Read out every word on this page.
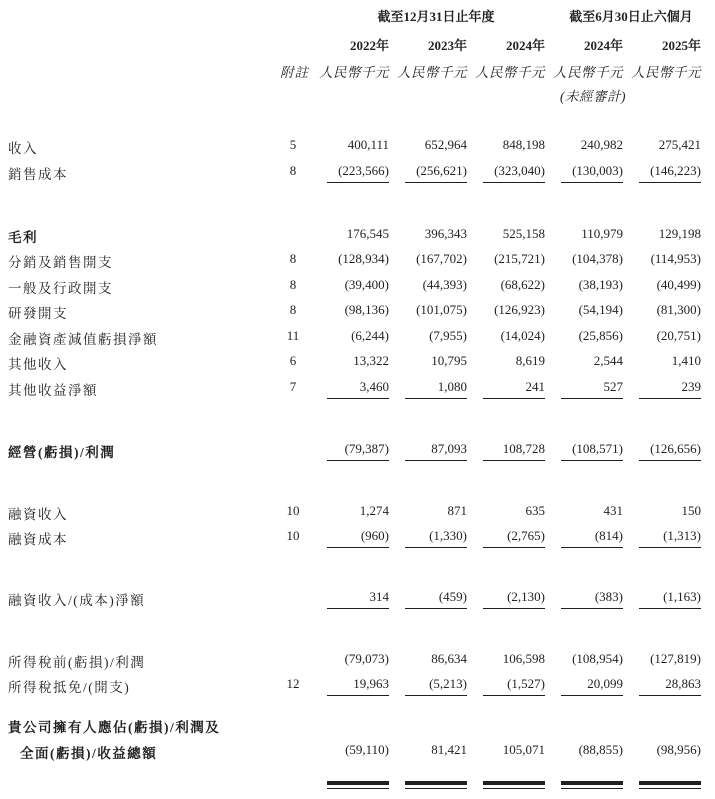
截至12月31日止年度	截至6月30日止六個月
2022年	2023年	2024年	2024年	2025年
附註 人民幣千元 人民幣千元 人民幣千元 人民幣千元 人民幣千元
(未經審計)
收入	5	400,111	652,964	848,198	240,982	275,421
銷售成本	8	(223,566)	(256,621)	(323,040)	(130,003)	(146,223)
毛利	176,545	396,343	525,158	110,979	129,198
分銷及銷售開支	8	(128,934)	(167,702)	(215,721)	(104,378)	(114,953)
一般及行政開支	8	(39,400)	(44,393)	(68,622)	(38,193)	(40,499)
研發開支	8	(98,136)	(101,075)	(126,923)	(54,194)	(81,300)
金融資產減值虧損淨額	11	(6,244)	(7,955)	(14,024)	(25,856)	(20,751)
其他收入	6	13,322	10,795	8,619	2,544	1,410
其他收益淨額	7	3,460	1,080	241	527	239
經營(虧損)/利潤	(79,387)	87,093	108,728	(108,571)	(126,656)
融資收入	10	1,274	871	635	431	150
融資成本	10	(960)	(1,330)	(2,765)	(814)	(1,313)
融資收入/(成本)淨額	314	(459)	(2,130)	(383)	(1,163)
所得稅前(虧損)/利潤	(79,073)	86,634	106,598	(108,954)	(127,819)
所得稅抵免/(開支)	12	19,963	(5,213)	(1,527)	20,099	28,863
貴公司擁有人應佔(虧損)/利潤及
全面(虧損)/收益總額	(59,110)	81,421	105,071	(88,855)	(98,956)
